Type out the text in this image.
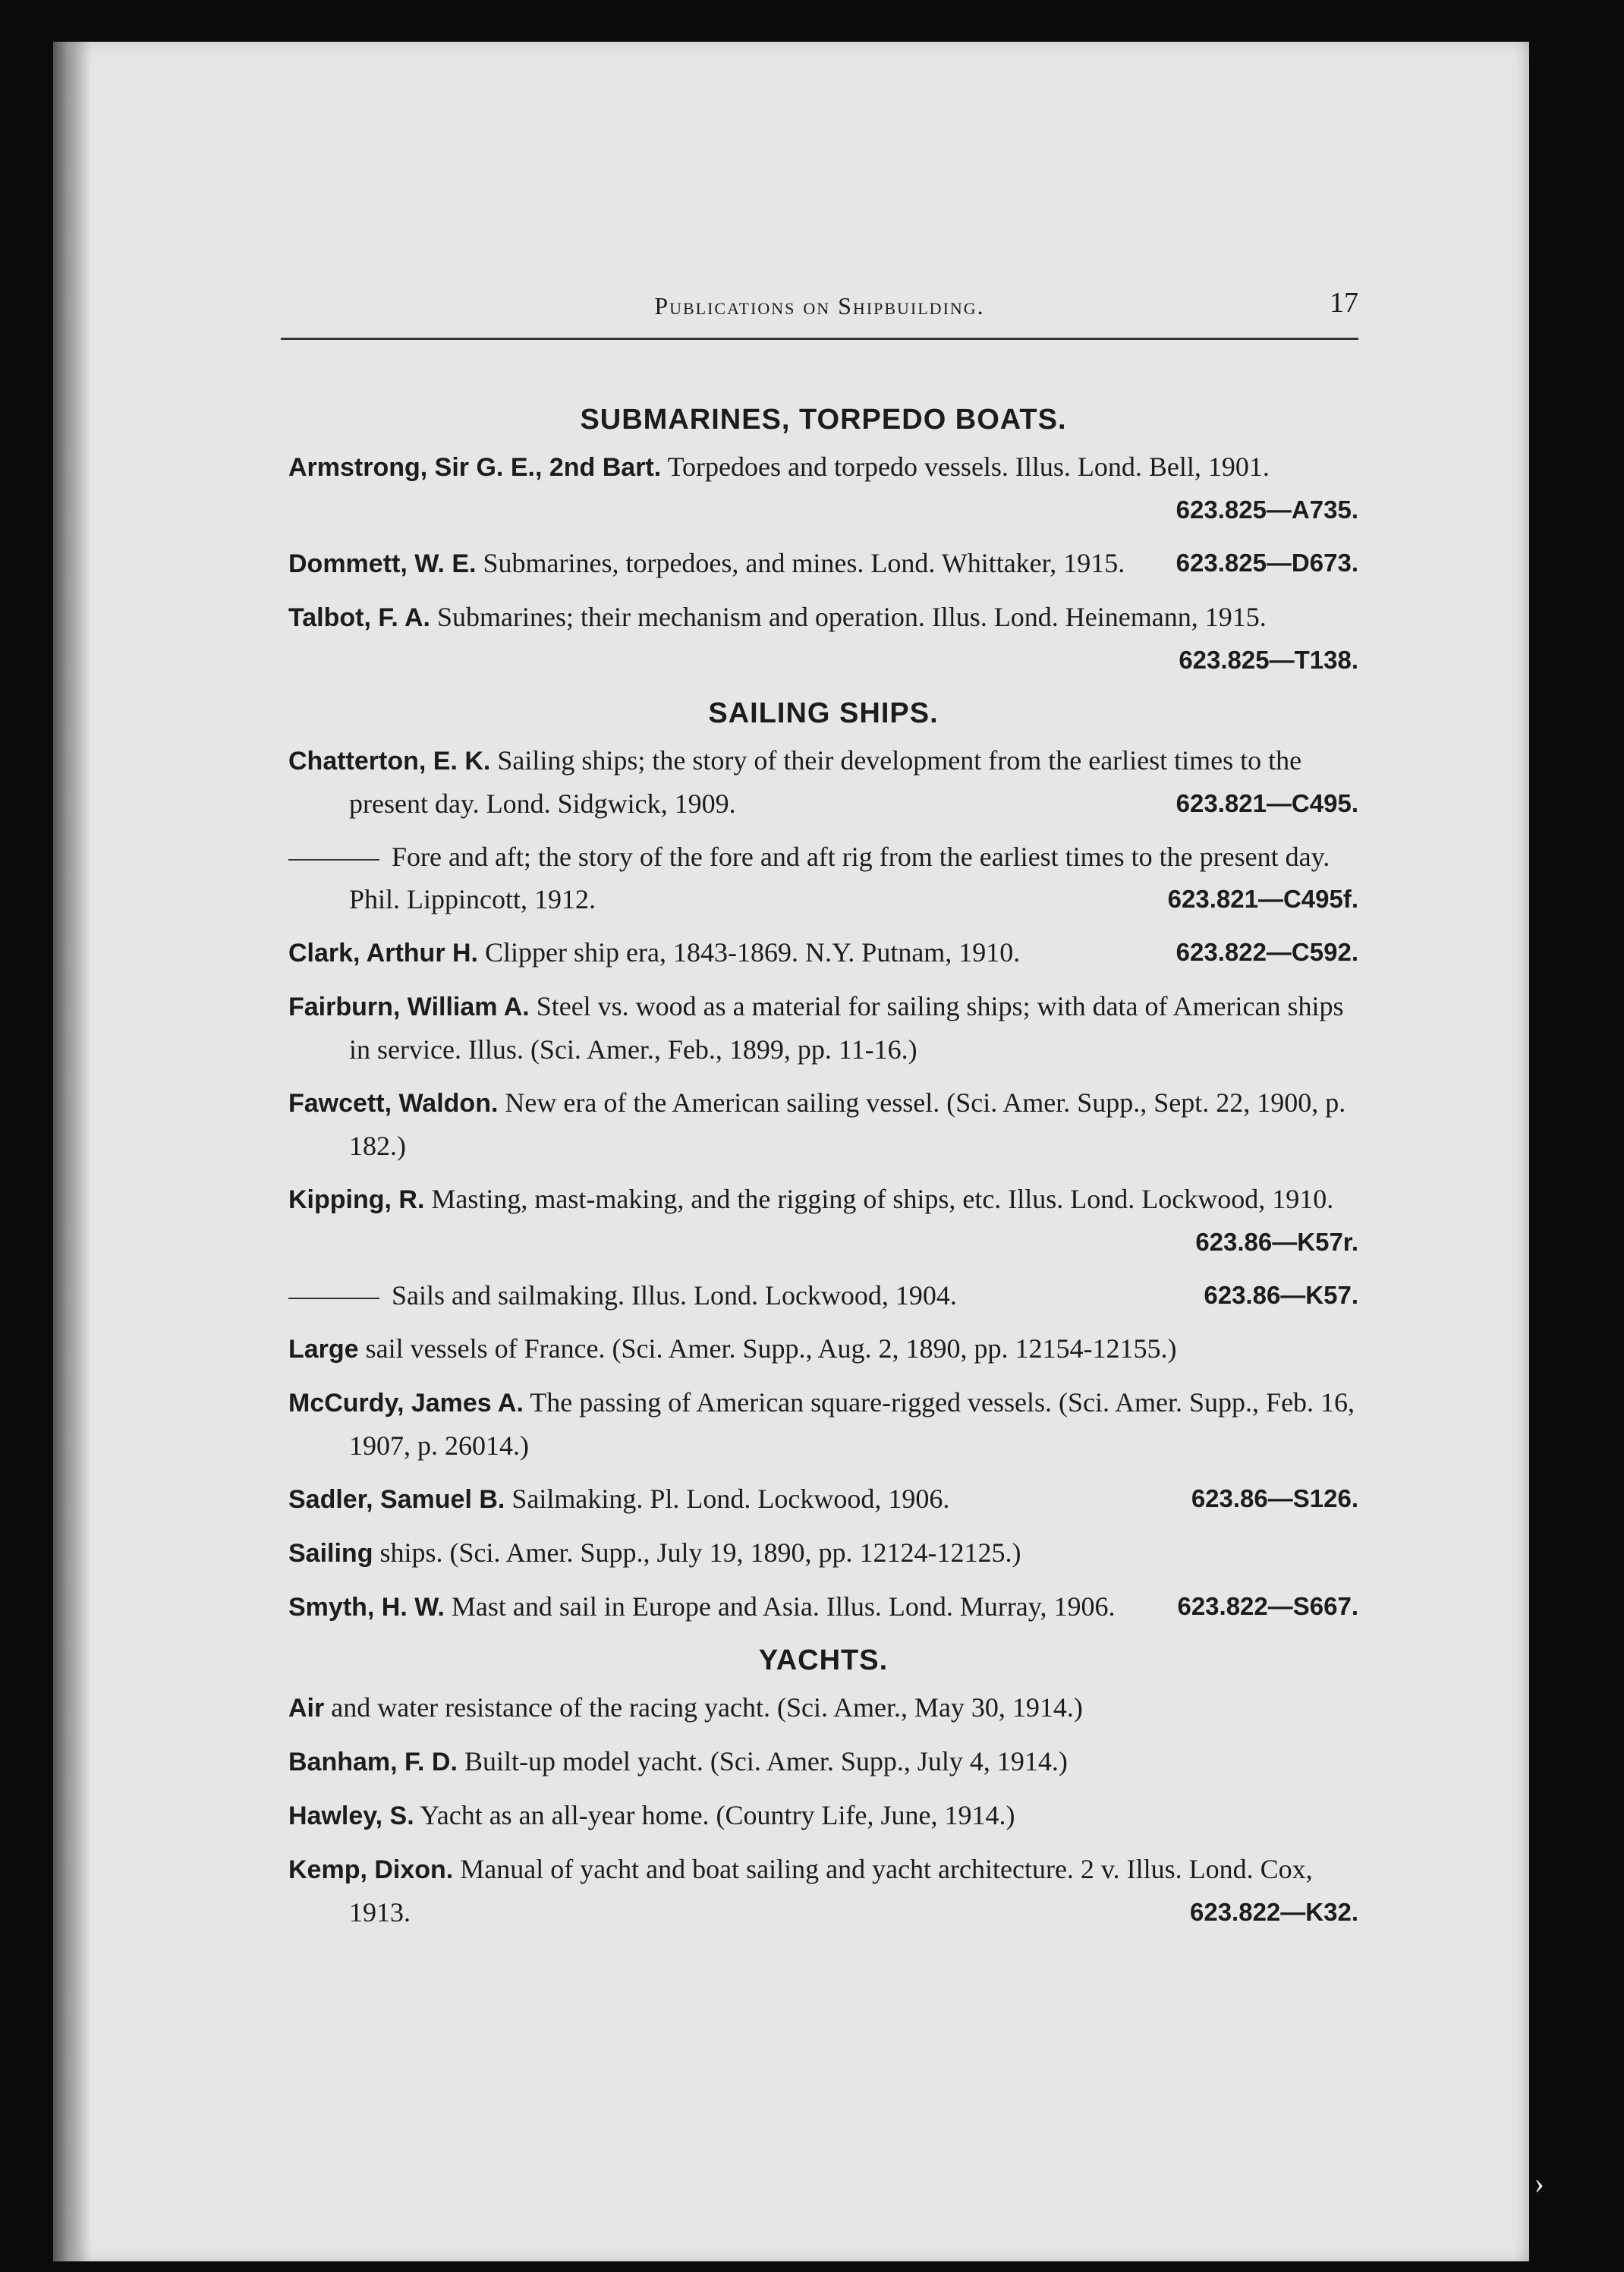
Publications on Shipbuilding.	17
SUBMARINES, TORPEDO BOATS.
Armstrong, Sir G. E., 2nd Bart. Torpedoes and torpedo vessels. Illus. Lond. Bell, 1901.
623.825—A735.
Dommett, W. E. Submarines, torpedoes, and mines. Lond. Whittaker, 1915. 623.825—D673.
Talbot, F. A. Submarines; their mechanism and operation. Illus. Lond. Heinemann, 1915.
623.825—T138.
SAILING SHIPS.
Chatterton, E. K. Sailing ships; the story of their development from the earliest times to the present day. Lond. Sidgwick, 1909.	623.821—C495.
Fore and aft; the story of the fore and aft rig from the earliest times to the present day. Phil. Lippincott, 1912.	623.821—C495f.
Clark, Arthur H. Clipper ship era, 1843-1869. N.Y. Putnam, 1910.	623.822—C592.
Fairburn, William A. Steel vs. wood as a material for sailing ships; with data of American ships in service. Illus. (Sci. Amer., Feb., 1899, pp. 11-16.)
Fawcett, Waldon. New era of the American sailing vessel. (Sci. Amer. Supp., Sept. 22, 1900, p. 182.)
Kipping, R. Masting, mast-making, and the rigging of ships, etc. Illus. Lond. Lockwood, 1910.
623.86—K57r.
Sails and sailmaking. Illus. Lond. Lockwood, 1904.	623.86—K57.
Large sail vessels of France. (Sci. Amer. Supp., Aug. 2, 1890, pp. 12154-12155.)
McCurdy, James A. The passing of American square-rigged vessels. (Sci. Amer. Supp., Feb. 16, 1907, p. 26014.)
Sadler, Samuel B. Sailmaking. Pl. Lond. Lockwood, 1906.	623.86—S126.
Sailing ships. (Sci. Amer. Supp., July 19, 1890, pp. 12124-12125.)
Smyth, H. W. Mast and sail in Europe and Asia. Illus. Lond. Murray, 1906. 623.822—S667.
YACHTS.
Air and water resistance of the racing yacht. (Sci. Amer., May 30, 1914.)
Banham, F. D. Built-up model yacht. (Sci. Amer. Supp., July 4, 1914.)
Hawley, S. Yacht as an all-year home. (Country Life, June, 1914.)
Kemp, Dixon. Manual of yacht and boat sailing and yacht architecture. 2 v. Illus. Lond. Cox, 1913.	623.822—K32.
›
